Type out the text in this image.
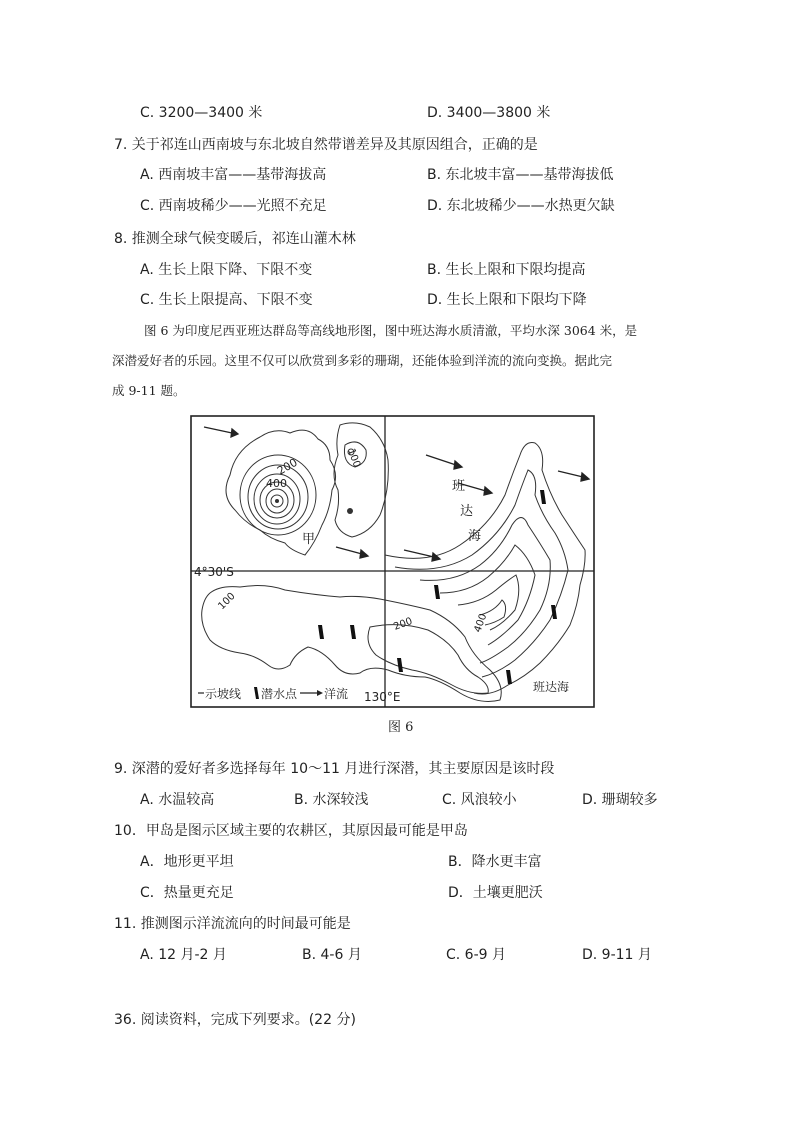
C. 3200—3400 米	D. 3400—3800 米
7. 关于祁连山西南坡与东北坡自然带谱差异及其原因组合，正确的是
A. 西南坡丰富——基带海拔高	B. 东北坡丰富——基带海拔低
C. 西南坡稀少——光照不充足	D. 东北坡稀少——水热更欠缺
8. 推测全球气候变暖后，祁连山灌木林
A. 生长上限下降、下限不变	B. 生长上限和下限均提高
C. 生长上限提高、下限不变	D. 生长上限和下限均下降
图 6 为印度尼西亚班达群岛等高线地形图，图中班达海水质清澈，平均水深 3064 米，是
深潜爱好者的乐园。这里不仅可以欣赏到多彩的珊瑚，还能体验到洋流的流向变换。据此完
成 9-11 题。
200
400
甲
100
400
100
200
4°30'S
130°E
班
达
海
班达海
示坡线 潜水点 洋流
图 6
9. 深潜的爱好者多选择每年 10～11 月进行深潜，其主要原因是该时段
A. 水温较高	B. 水深较浅	C. 风浪较小	D. 珊瑚较多
10．甲岛是图示区域主要的农耕区，其原因最可能是甲岛
A．地形更平坦	B．降水更丰富
C．热量更充足	D．土壤更肥沃
11. 推测图示洋流流向的时间最可能是
A. 12 月-2 月	B. 4-6 月	C. 6-9 月	D. 9-11 月
36. 阅读资料，完成下列要求。(22 分)
